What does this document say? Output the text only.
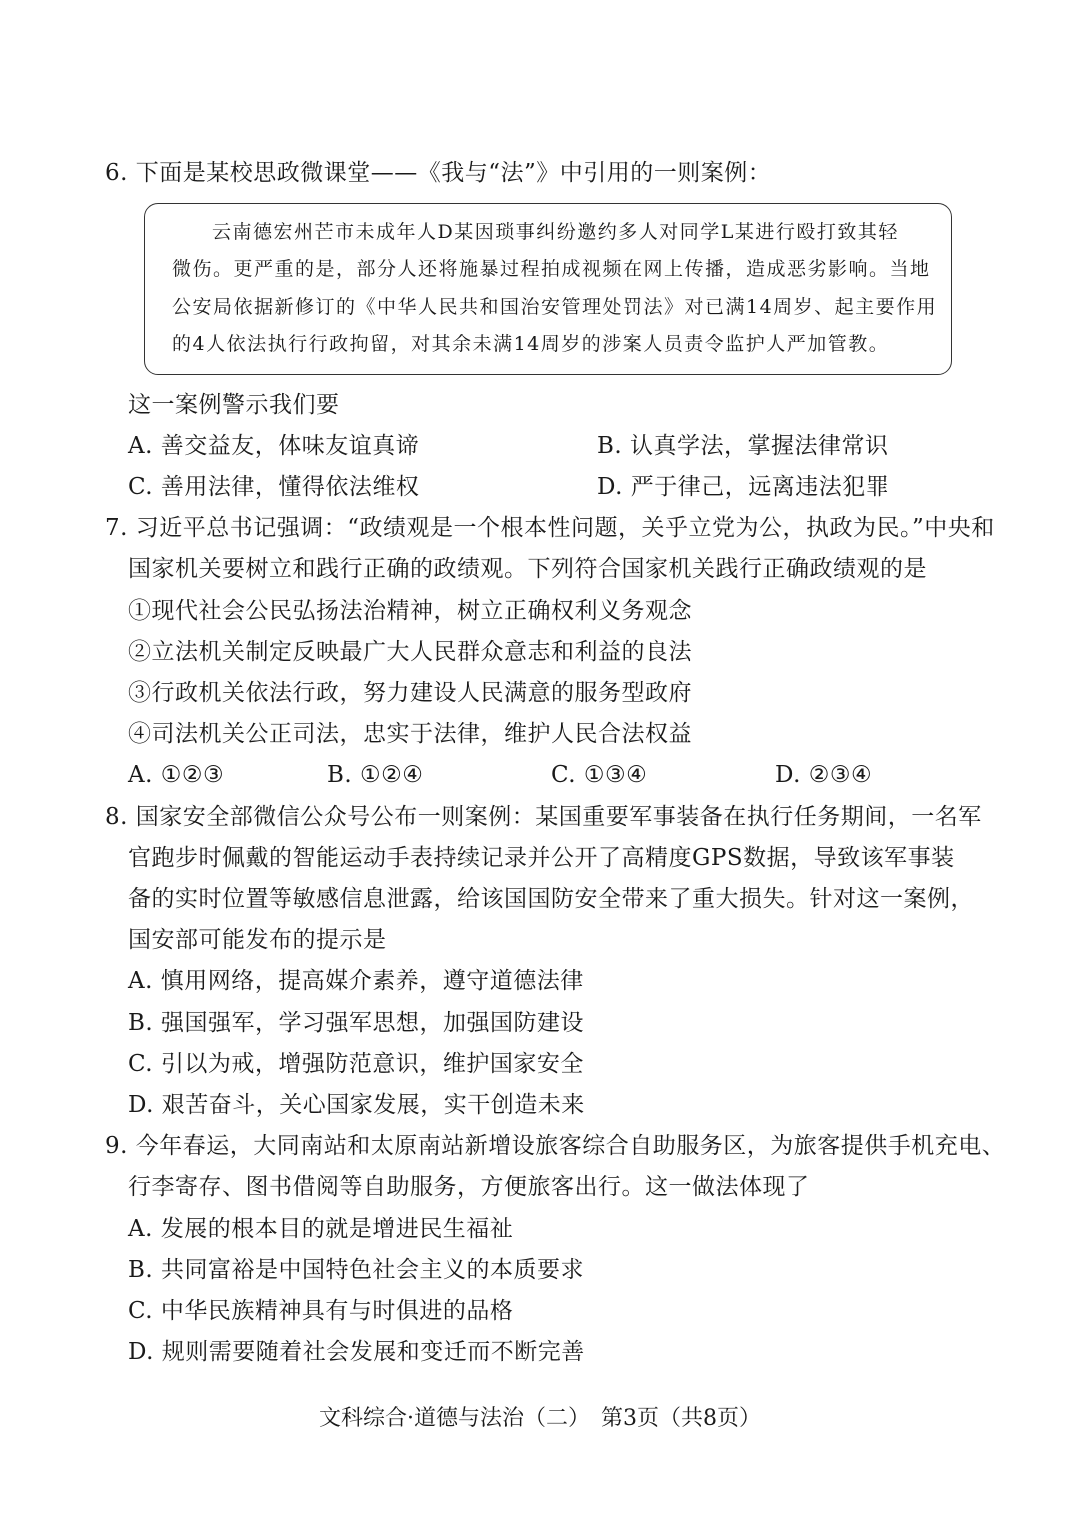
6. 下面是某校思政微课堂——《我与“法”》中引用的一则案例：
云南德宏州芒市未成年人D某因琐事纠纷邀约多人对同学L某进行殴打致其轻
微伤。更严重的是，部分人还将施暴过程拍成视频在网上传播，造成恶劣影响。当地
公安局依据新修订的《中华人民共和国治安管理处罚法》对已满14周岁、起主要作用
的4人依法执行行政拘留，对其余未满14周岁的涉案人员责令监护人严加管教。
这一案例警示我们要
A. 善交益友，体味友谊真谛	B. 认真学法，掌握法律常识
C. 善用法律，懂得依法维权	D. 严于律己，远离违法犯罪
7. 习近平总书记强调：“政绩观是一个根本性问题，关乎立党为公，执政为民。”中央和
国家机关要树立和践行正确的政绩观。下列符合国家机关践行正确政绩观的是
①现代社会公民弘扬法治精神，树立正确权利义务观念
②立法机关制定反映最广大人民群众意志和利益的良法
③行政机关依法行政，努力建设人民满意的服务型政府
④司法机关公正司法，忠实于法律，维护人民合法权益
A. ①②③	B. ①②④	C. ①③④	D. ②③④
8. 国家安全部微信公众号公布一则案例：某国重要军事装备在执行任务期间，一名军
官跑步时佩戴的智能运动手表持续记录并公开了高精度GPS数据，导致该军事装
备的实时位置等敏感信息泄露，给该国国防安全带来了重大损失。针对这一案例，
国安部可能发布的提示是
A. 慎用网络，提高媒介素养，遵守道德法律
B. 强国强军，学习强军思想，加强国防建设
C. 引以为戒，增强防范意识，维护国家安全
D. 艰苦奋斗，关心国家发展，实干创造未来
9. 今年春运，大同南站和太原南站新增设旅客综合自助服务区，为旅客提供手机充电、
行李寄存、图书借阅等自助服务，方便旅客出行。这一做法体现了
A. 发展的根本目的就是增进民生福祉
B. 共同富裕是中国特色社会主义的本质要求
C. 中华民族精神具有与时俱进的品格
D. 规则需要随着社会发展和变迁而不断完善
文科综合·道德与法治（二）　第3页（共8页）
